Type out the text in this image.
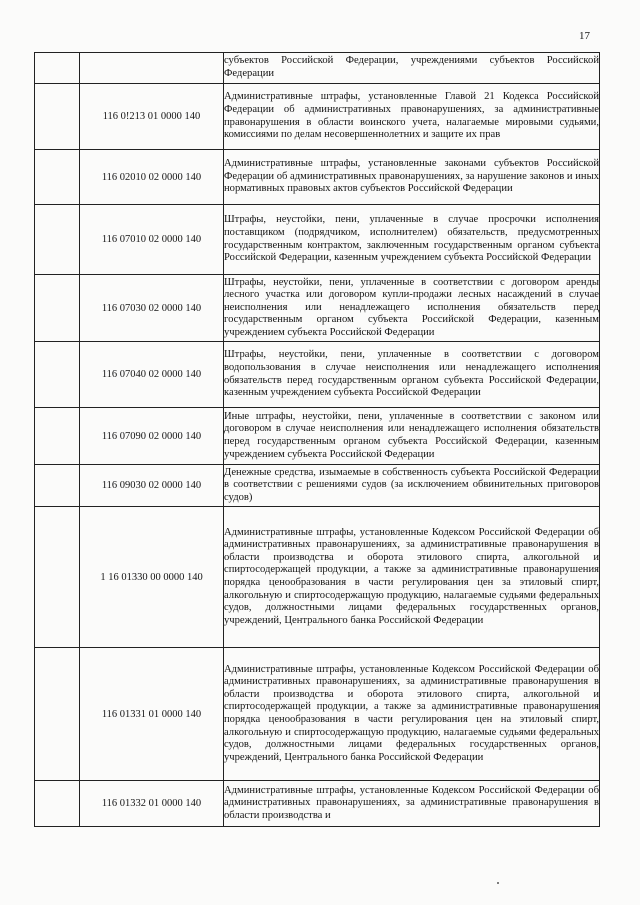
17
		субъектов Российской Федерации, учреждениями субъектов Российской Федерации
	116 0!213 01 0000 140	Административные штрафы, установленные Главой 21 Кодекса Российской Федерации об административных правонарушениях, за административные правонарушения в области воинского учета, налагаемые мировыми судьями, комиссиями по делам несовершеннолетних и защите их прав
	116 02010 02 0000 140	Административные штрафы, установленные законами субъектов Российской Федерации об административных правонарушениях, за нарушение законов и иных нормативных правовых актов субъектов Российской Федерации
	116 07010 02 0000 140	Штрафы, неустойки, пени, уплаченные в случае просрочки исполнения поставщиком (подрядчиком, исполнителем) обязательств, предусмотренных государственным контрактом, заключенным государственным органом субъекта Российской Федерации, казенным учреждением субъекта Российской Федерации
	116 07030 02 0000 140	Штрафы, неустойки, пени, уплаченные в соответствии с договором аренды лесного участка или договором купли-продажи лесных насаждений в случае неисполнения или ненадлежащего исполнения обязательств перед государственным органом субъекта Российской Федерации, казенным учреждением субъекта Российской Федерации
	116 07040 02 0000 140	Штрафы, неустойки, пени, уплаченные в соответствии с договором водопользования в случае неисполнения или ненадлежащего исполнения обязательств перед государственным органом субъекта Российской Федерации, казенным учреждением субъекта Российской Федерации
	116 07090 02 0000 140	Иные штрафы, неустойки, пени, уплаченные в соответствии с законом или договором в случае неисполнения или ненадлежащего исполнения обязательств перед государственным органом субъекта Российской Федерации, казенным учреждением субъекта Российской Федерации
	116 09030 02 0000 140	Денежные средства, изымаемые в собственность субъекта Российской Федерации в соответствии с решениями судов (за исключением обвинительных приговоров судов)
	1 16 01330 00 0000 140	Административные штрафы, установленные Кодексом Российской Федерации об административных правонарушениях, за административные правонарушения в области производства и оборота этилового спирта, алкогольной и спиртосодержащей продукции, а также за административные правонарушения порядка ценообразования в части регулирования цен за этиловый спирт, алкогольную и спиртосодержащую продукцию, налагаемые судьями федеральных судов, должностными лицами федеральных государственных органов, учреждений, Центрального банка Российской Федерации
	116 01331 01 0000 140	Административные штрафы, установленные Кодексом Российской Федерации об административных правонарушениях, за административные правонарушения в области производства и оборота этилового спирта, алкогольной и спиртосодержащей продукции, а также за административные правонарушения порядка ценообразования в части регулирования цен на этиловый спирт, алкогольную и спиртосодержащую продукцию, налагаемые судьями федеральных судов, должностными лицами федеральных государственных органов, учреждений, Центрального банка Российской Федерации
	116 01332 01 0000 140	Административные штрафы, установленные Кодексом Российской Федерации об административных правонарушениях, за административные правонарушения в области производства и
